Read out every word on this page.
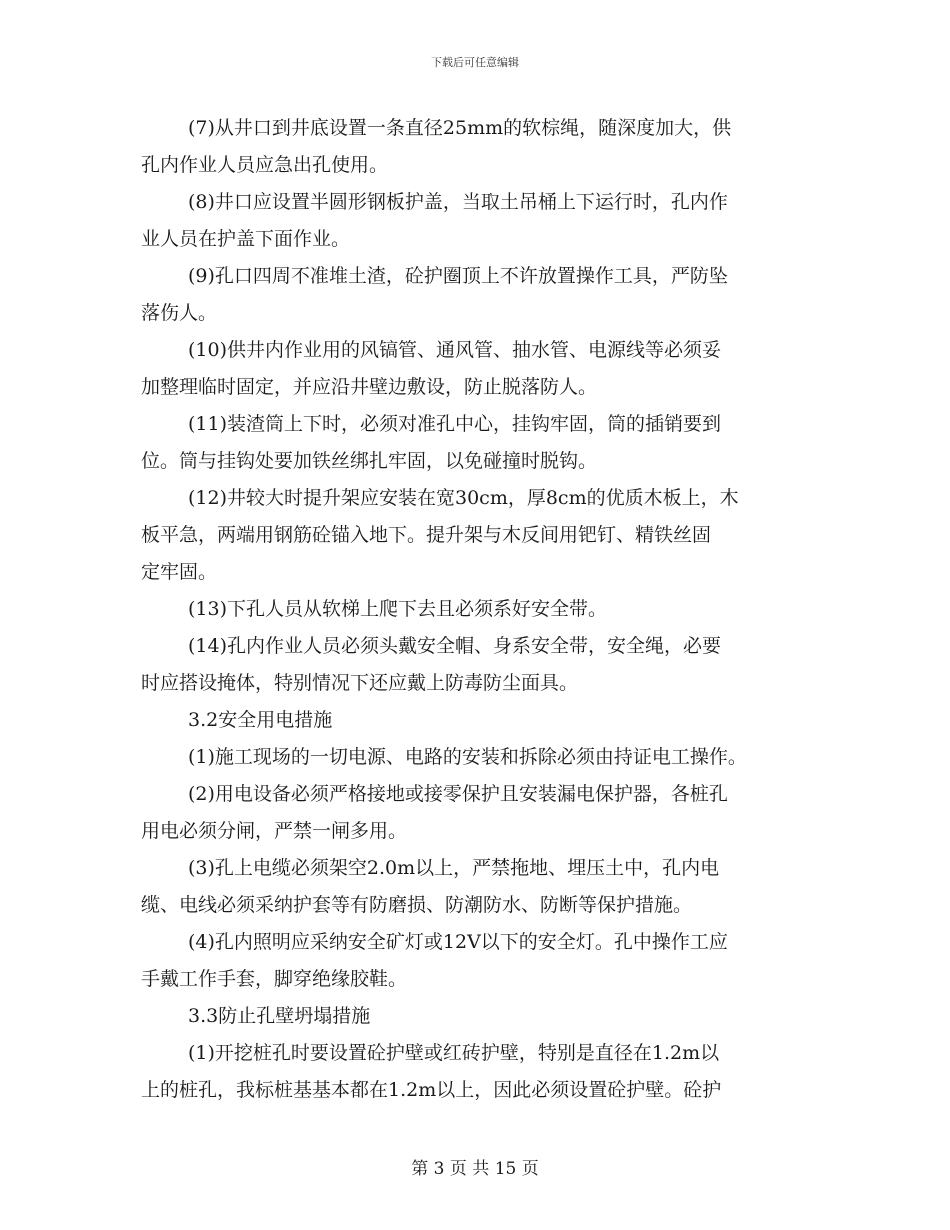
下载后可任意编辑
(7)从井口到井底设置一条直径25mm的软棕绳，随深度加大，供
孔内作业人员应急出孔使用。
(8)井口应设置半圆形钢板护盖，当取土吊桶上下运行时，孔内作
业人员在护盖下面作业。
(9)孔口四周不准堆土渣，砼护圈顶上不许放置操作工具，严防坠
落伤人。
(10)供井内作业用的风镐管、通风管、抽水管、电源线等必须妥
加整理临时固定，并应沿井壁边敷设，防止脱落防人。
(11)装渣筒上下时，必须对准孔中心，挂钩牢固，筒的插销要到
位。筒与挂钩处要加铁丝绑扎牢固，以免碰撞时脱钩。
(12)井较大时提升架应安装在宽30cm，厚8cm的优质木板上，木
板平急，两端用钢筋砼锚入地下。提升架与木反间用钯钉、精铁丝固
定牢固。
(13)下孔人员从软梯上爬下去且必须系好安全带。
(14)孔内作业人员必须头戴安全帽、身系安全带，安全绳，必要
时应搭设掩体，特别情况下还应戴上防毒防尘面具。
3.2安全用电措施
(1)施工现场的一切电源、电路的安装和拆除必须由持证电工操作。
(2)用电设备必须严格接地或接零保护且安装漏电保护器，各桩孔
用电必须分闸，严禁一闸多用。
(3)孔上电缆必须架空2.0m以上，严禁拖地、埋压土中，孔内电
缆、电线必须采纳护套等有防磨损、防潮防水、防断等保护措施。
(4)孔内照明应采纳安全矿灯或12V以下的安全灯。孔中操作工应
手戴工作手套，脚穿绝缘胶鞋。
3.3防止孔壁坍塌措施
(1)开挖桩孔时要设置砼护壁或红砖护壁，特别是直径在1.2m以
上的桩孔，我标桩基基本都在1.2m以上，因此必须设置砼护壁。砼护
第 3 页 共 15 页
